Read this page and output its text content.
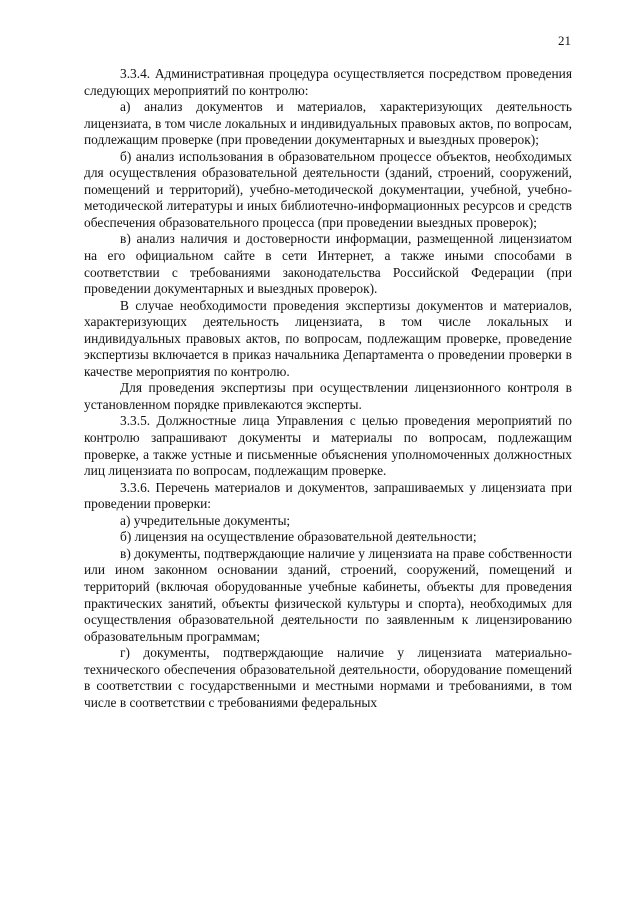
21

3.3.4. Административная процедура осуществляется посредством проведения следующих мероприятий по контролю:

а) анализ документов и материалов, характеризующих деятельность лицензиата, в том числе локальных и индивидуальных правовых актов, по вопросам, подлежащим проверке (при проведении документарных и выездных проверок);

б) анализ использования в образовательном процессе объектов, необходимых для осуществления образовательной деятельности (зданий, строений, сооружений, помещений и территорий), учебно-методической документации, учебной, учебно-методической литературы и иных библиотечно-информационных ресурсов и средств обеспечения образовательного процесса (при проведении выездных проверок);

в) анализ наличия и достоверности информации, размещенной лицензиатом на его официальном сайте в сети Интернет, а также иными способами в соответствии с требованиями законодательства Российской Федерации (при проведении документарных и выездных проверок).

В случае необходимости проведения экспертизы документов и материалов, характеризующих деятельность лицензиата, в том числе локальных и индивидуальных правовых актов, по вопросам, подлежащим проверке, проведение экспертизы включается в приказ начальника Департамента о проведении проверки в качестве мероприятия по контролю.

Для проведения экспертизы при осуществлении лицензионного контроля в установленном порядке привлекаются эксперты.

3.3.5. Должностные лица Управления с целью проведения мероприятий по контролю запрашивают документы и материалы по вопросам, подлежащим проверке, а также устные и письменные объяснения уполномоченных должностных лиц лицензиата по вопросам, подлежащим проверке.

3.3.6. Перечень материалов и документов, запрашиваемых у лицензиата при проведении проверки:

а) учредительные документы;

б) лицензия на осуществление образовательной деятельности;

в) документы, подтверждающие наличие у лицензиата на праве собственности или ином законном основании зданий, строений, сооружений, помещений и территорий (включая оборудованные учебные кабинеты, объекты для проведения практических занятий, объекты физической культуры и спорта), необходимых для осуществления образовательной деятельности по заявленным к лицензированию образовательным программам;

г) документы, подтверждающие наличие у лицензиата материально-технического обеспечения образовательной деятельности, оборудование помещений в соответствии с государственными и местными нормами и требованиями, в том числе в соответствии с требованиями федеральных
